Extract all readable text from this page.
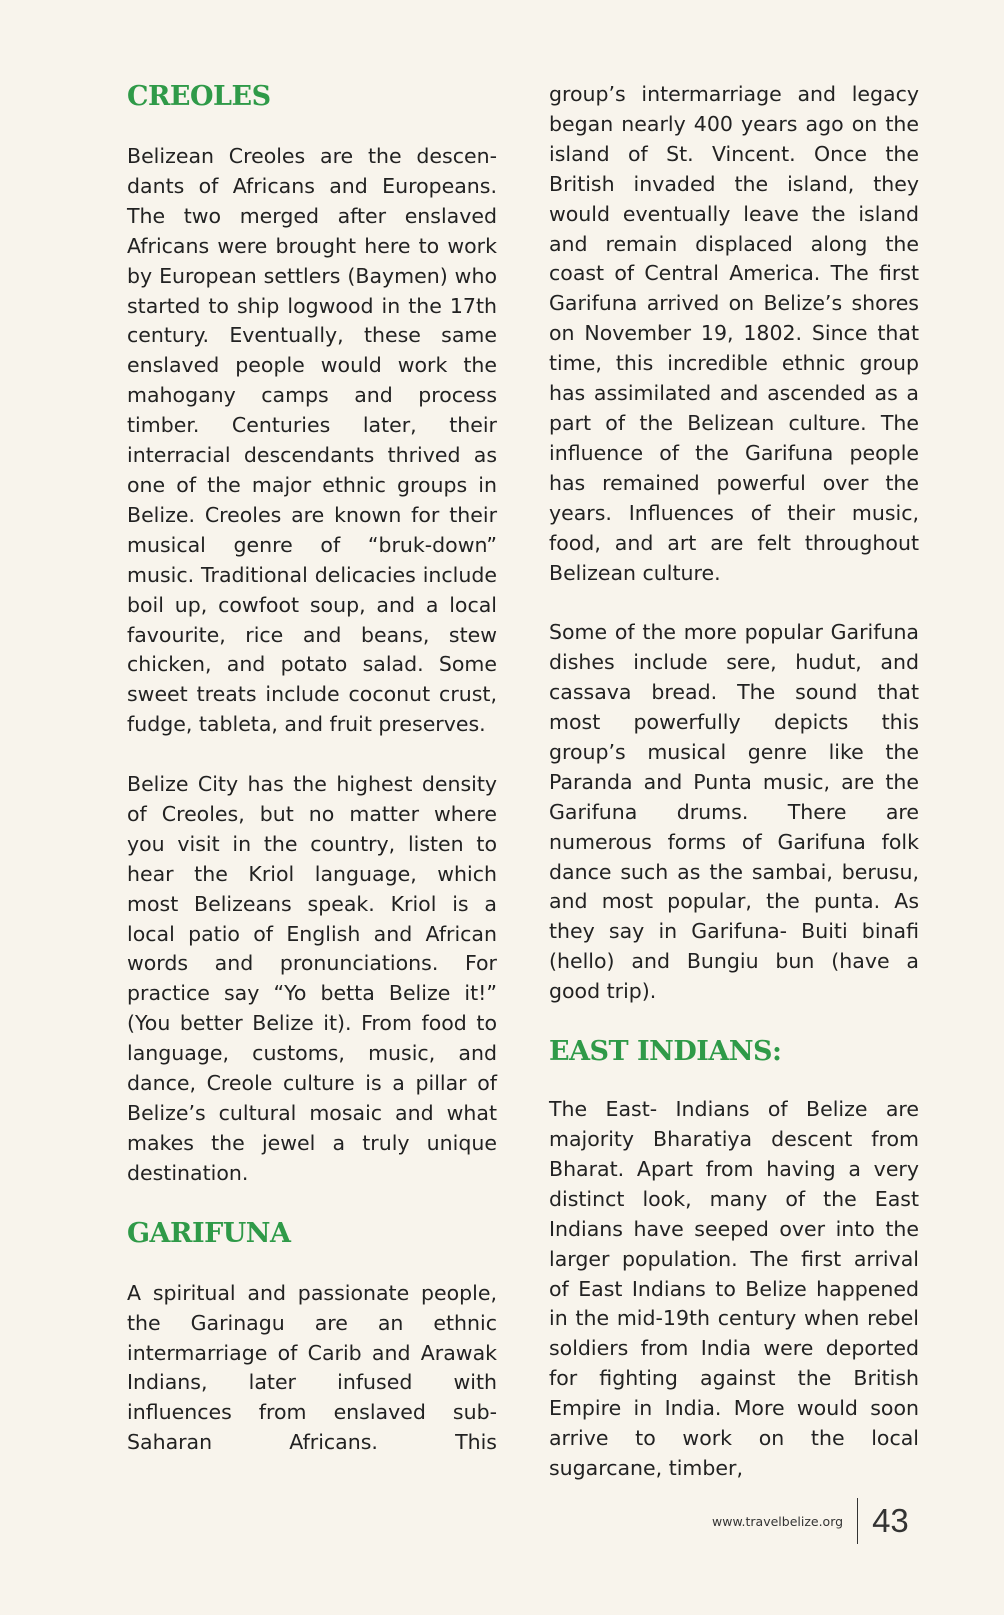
CREOLES

Belizean Creoles are the descendants of Africans and Europeans. The two merged after enslaved Africans were brought here to work by European settlers (Baymen) who started to ship logwood in the 17th century. Eventually, these same enslaved people would work the mahogany camps and process timber. Centuries later, their interracial descendants thrived as one of the major ethnic groups in Belize. Creoles are known for their musical genre of “bruk-down” music. Traditional delicacies include boil up, cowfoot soup, and a local favourite, rice and beans, stew chicken, and potato salad. Some sweet treats include coconut crust, fudge, tableta, and fruit preserves.

Belize City has the highest density of Creoles, but no matter where you visit in the country, listen to hear the Kriol language, which most Belizeans speak. Kriol is a local patio of English and African words and pronunciations. For practice say “Yo betta Belize it!” (You better Belize it). From food to language, customs, music, and dance, Creole culture is a pillar of Belize’s cultural mosaic and what makes the jewel a truly unique destination.

GARIFUNA

A spiritual and passionate people, the Garinagu are an ethnic intermarriage of Carib and Arawak Indians, later infused with influences from enslaved sub-Saharan Africans. This

group’s intermarriage and legacy began nearly 400 years ago on the island of St. Vincent. Once the British invaded the island, they would eventually leave the island and remain displaced along the coast of Central America. The first Garifuna arrived on Belize’s shores on November 19, 1802. Since that time, this incredible ethnic group has assimilated and ascended as a part of the Belizean culture. The influence of the Garifuna people has remained powerful over the years. Influences of their music, food, and art are felt throughout Belizean culture.

Some of the more popular Garifuna dishes include sere, hudut, and cassava bread. The sound that most powerfully depicts this group’s musical genre like the Paranda and Punta music, are the Garifuna drums. There are numerous forms of Garifuna folk dance such as the sambai, berusu, and most popular, the punta. As they say in Garifuna- Buiti binafi (hello) and Bungiu bun (have a good trip).

EAST INDIANS:

The East- Indians of Belize are majority Bharatiya descent from Bharat. Apart from having a very distinct look, many of the East Indians have seeped over into the larger population. The first arrival of East Indians to Belize happened in the mid-19th century when rebel soldiers from India were deported for fighting against the British Empire in India. More would soon arrive to work on the local sugarcane, timber,

www.travelbelize.org 43
